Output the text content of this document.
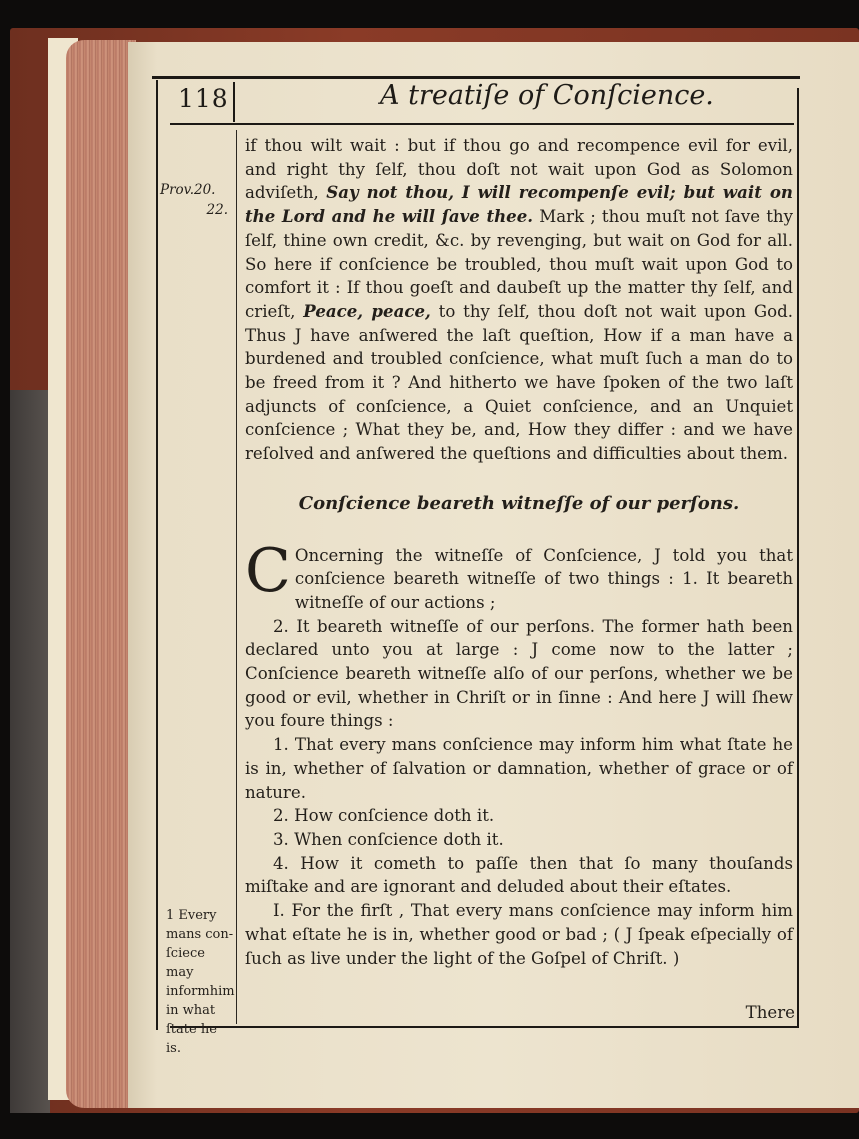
118	A treatiſe of Conſcience.
Prov.20.
22.
1 Every
mans con-
ſciece may
informhim
in what
ſtate he is.

if thou wilt wait : but if thou go and recompence evil for evil, and right thy ſelf, thou doſt not wait upon God as Solomon adviſeth, Say not thou, I will recompenſe evil; but wait on the Lord and he will ſave thee. Mark ; thou muſt not ſave thy ſelf, thine own credit, &c. by revenging, but wait on God for all. So here if conſcience be troubled, thou muſt wait upon God to comfort it : If thou goeſt and daubeſt up the matter thy ſelf, and crieſt, Peace, peace, to thy ſelf, thou doſt not wait upon God. Thus J have anſwered the laſt queſtion, How if a man have a burdened and troubled conſcience, what muſt ſuch a man do to be freed from it ? And hitherto we have ſpoken of the two laſt adjuncts of conſcience, a Quiet conſcience, and an Unquiet conſcience ; What they be, and, How they differ : and we have reſolved and anſwered the queſtions and difficulties about them.

Conſcience beareth witneſſe of our perſons.

C Oncerning the witneſſe of Conſcience, J told you that conſcience beareth witneſſe of two things : 1. It beareth witneſſe of our actions ;

2. It beareth witneſſe of our perſons. The former hath been declared unto you at large : J come now to the latter ; Conſcience beareth witneſſe alſo of our perſons, whether we be good or evil, whether in Chriſt or in ſinne : And here J will ſhew you foure things :

1. That every mans conſcience may inform him what ſtate he is in, whether of ſalvation or damnation, whether of grace or of nature.

2. How conſcience doth it.

3. When conſcience doth it.

4. How it cometh to paſſe then that ſo many thouſands miſtake and are ignorant and deluded about their eſtates.

I. For the firſt , That every mans conſcience may inform him what eſtate he is in, whether good or bad ; ( J ſpeak eſpecially of ſuch as live under the light of the Goſpel of Chriſt. )

There
